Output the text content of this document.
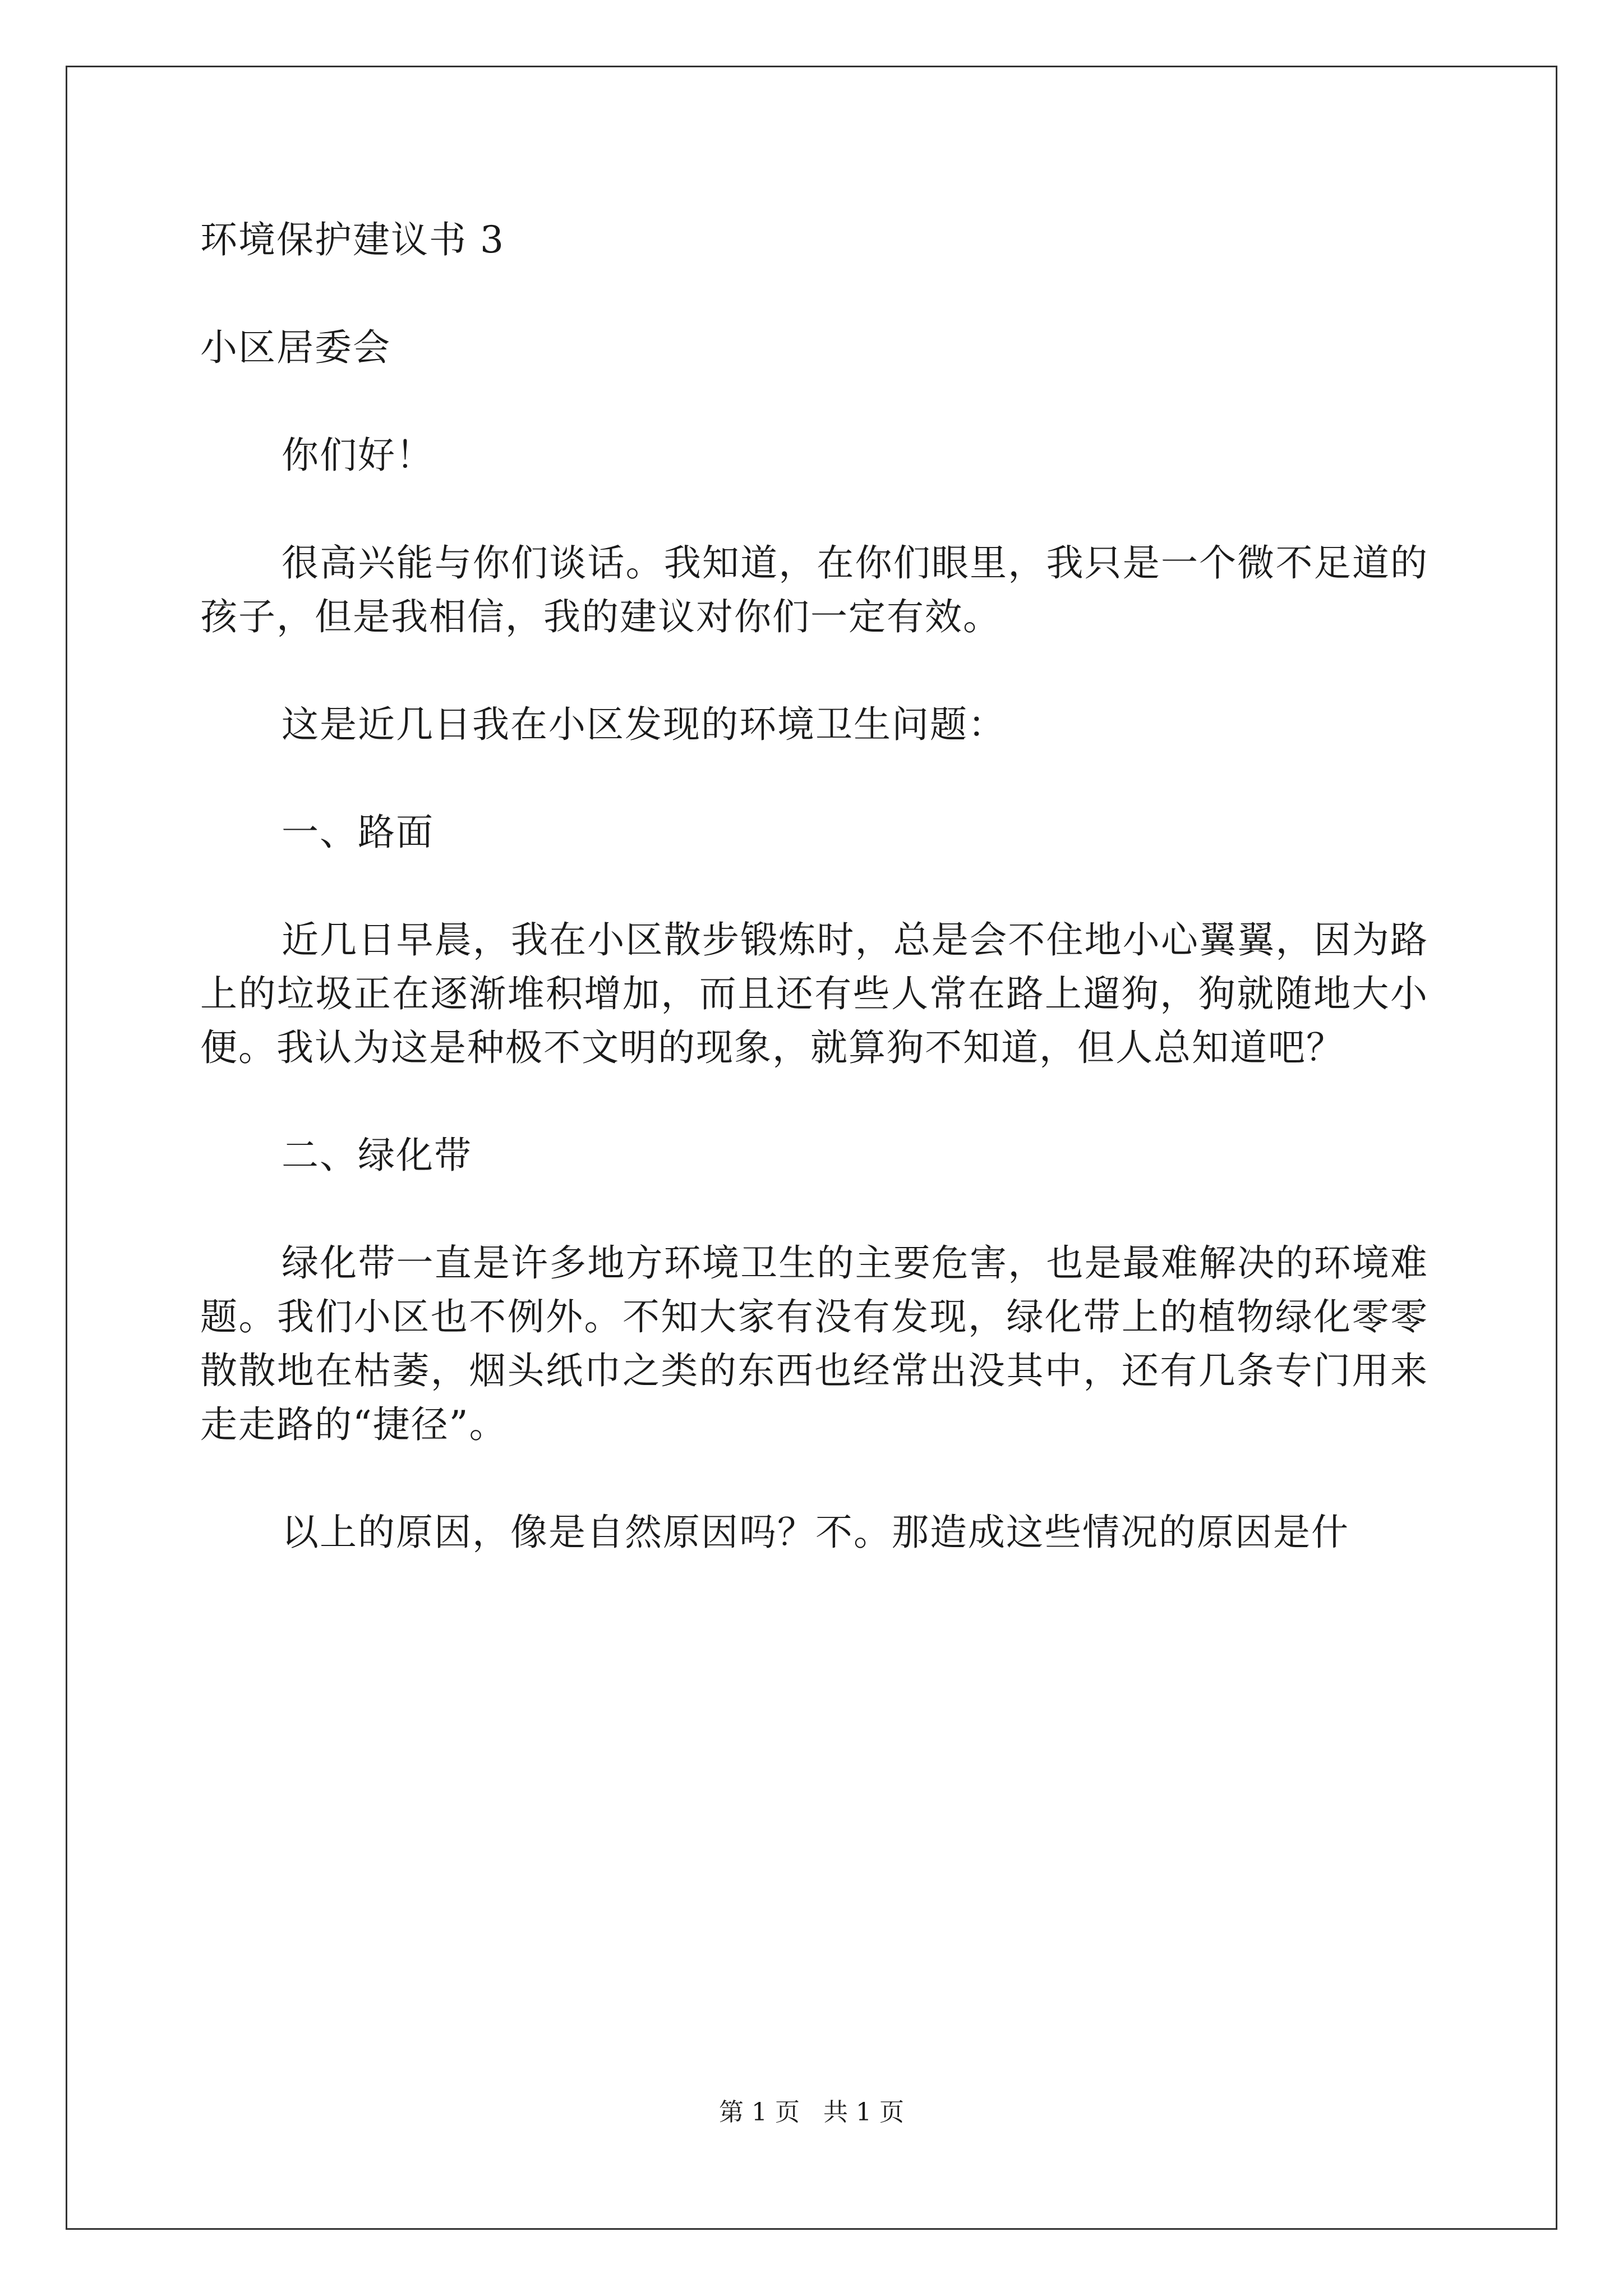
环境保护建议书 3
小区居委会
你们好！

很高兴能与你们谈话。我知道，在你们眼里，我只是一个微不足道的孩子，但是我相信，我的建议对你们一定有效。

这是近几日我在小区发现的环境卫生问题：

一、路面

近几日早晨，我在小区散步锻炼时，总是会不住地小心翼翼，因为路上的垃圾正在逐渐堆积增加，而且还有些人常在路上遛狗，狗就随地大小便。我认为这是种极不文明的现象，就算狗不知道，但人总知道吧？

二、绿化带

绿化带一直是许多地方环境卫生的主要危害，也是最难解决的环境难题。我们小区也不例外。不知大家有没有发现，绿化带上的植物绿化零零散散地在枯萎，烟头纸巾之类的东西也经常出没其中，还有几条专门用来走走路的“捷径”。

以上的原因，像是自然原因吗？不。那造成这些情况的原因是什

第 1 页   共 1 页
